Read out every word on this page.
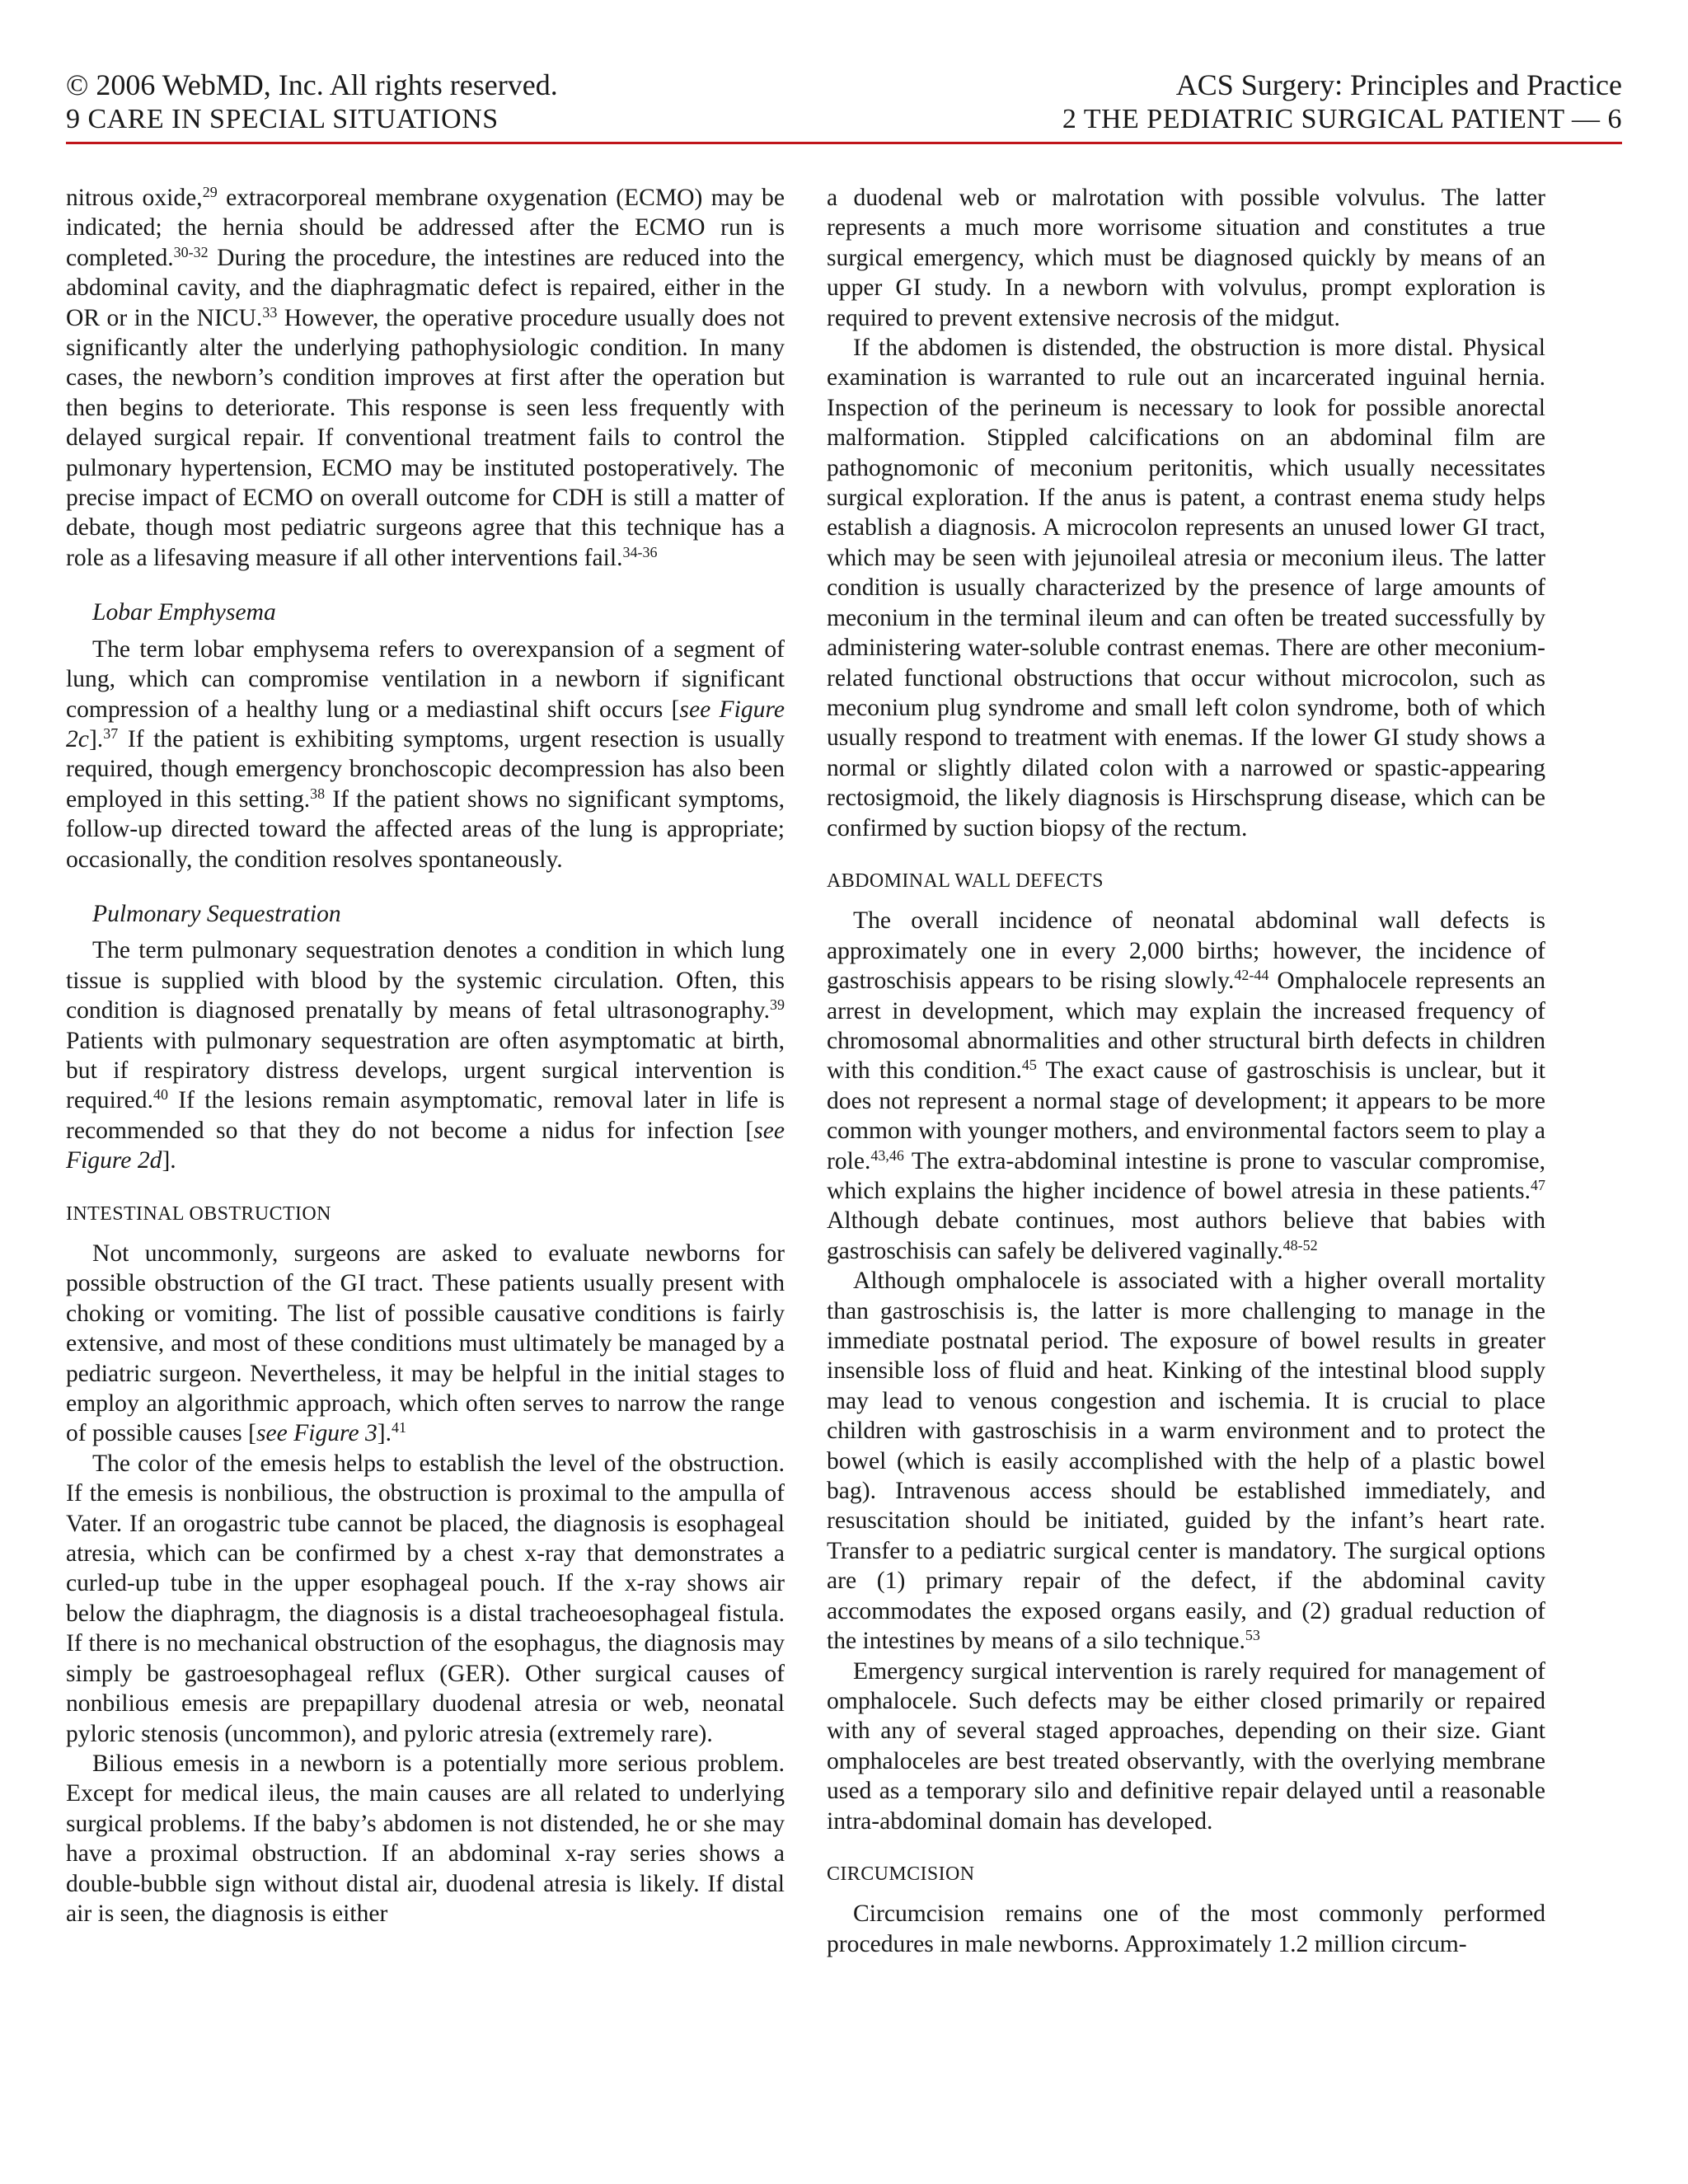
© 2006 WebMD, Inc. All rights reserved.
9 CARE IN SPECIAL SITUATIONS
ACS Surgery: Principles and Practice
2 THE PEDIATRIC SURGICAL PATIENT — 6

nitrous oxide,$^{29}$ extracorporeal membrane oxygenation (ECMO) may be indicated; the hernia should be addressed after the ECMO run is completed.$^{30-32}$ During the procedure, the intestines are reduced into the abdominal cavity, and the diaphragmatic defect is repaired, either in the OR or in the NICU.$^{33}$ However, the operative procedure usually does not significantly alter the underlying pathophysiologic condition. In many cases, the newborn’s condition improves at first after the operation but then begins to deteriorate. This response is seen less frequently with delayed surgical repair. If conventional treatment fails to control the pulmonary hypertension, ECMO may be instituted postoperatively. The precise impact of ECMO on overall outcome for CDH is still a matter of debate, though most pediatric surgeons agree that this technique has a role as a lifesaving measure if all other interventions fail.$^{34-36}$

Lobar Emphysema

The term lobar emphysema refers to overexpansion of a segment of lung, which can compromise ventilation in a newborn if significant compression of a healthy lung or a mediastinal shift occurs [see Figure 2c].$^{37}$ If the patient is exhibiting symptoms, urgent resection is usually required, though emergency bronchoscopic decompression has also been employed in this setting.$^{38}$ If the patient shows no significant symptoms, follow-up directed toward the affected areas of the lung is appropriate; occasionally, the condition resolves spontaneously.

Pulmonary Sequestration

The term pulmonary sequestration denotes a condition in which lung tissue is supplied with blood by the systemic circulation. Often, this condition is diagnosed prenatally by means of fetal ultrasonography.$^{39}$ Patients with pulmonary sequestration are often asymptomatic at birth, but if respiratory distress develops, urgent surgical intervention is required.$^{40}$ If the lesions remain asymptomatic, removal later in life is recommended so that they do not become a nidus for infection [see Figure 2d].

INTESTINAL OBSTRUCTION

Not uncommonly, surgeons are asked to evaluate newborns for possible obstruction of the GI tract. These patients usually present with choking or vomiting. The list of possible causative conditions is fairly extensive, and most of these conditions must ultimately be managed by a pediatric surgeon. Nevertheless, it may be helpful in the initial stages to employ an algorithmic approach, which often serves to narrow the range of possible causes [see Figure 3].$^{41}$

The color of the emesis helps to establish the level of the obstruction. If the emesis is nonbilious, the obstruction is proximal to the ampulla of Vater. If an orogastric tube cannot be placed, the diagnosis is esophageal atresia, which can be confirmed by a chest x-ray that demonstrates a curled-up tube in the upper esophageal pouch. If the x-ray shows air below the diaphragm, the diagnosis is a distal tracheoesophageal fistula. If there is no mechanical obstruction of the esophagus, the diagnosis may simply be gastroesophageal reflux (GER). Other surgical causes of nonbilious emesis are prepapillary duodenal atresia or web, neonatal pyloric stenosis (uncommon), and pyloric atresia (extremely rare).

Bilious emesis in a newborn is a potentially more serious problem. Except for medical ileus, the main causes are all related to underlying surgical problems. If the baby’s abdomen is not distended, he or she may have a proximal obstruction. If an abdominal x-ray series shows a double-bubble sign without distal air, duodenal atresia is likely. If distal air is seen, the diagnosis is either

a duodenal web or malrotation with possible volvulus. The latter represents a much more worrisome situation and constitutes a true surgical emergency, which must be diagnosed quickly by means of an upper GI study. In a newborn with volvulus, prompt exploration is required to prevent extensive necrosis of the midgut.

If the abdomen is distended, the obstruction is more distal. Physical examination is warranted to rule out an incarcerated inguinal hernia. Inspection of the perineum is necessary to look for possible anorectal malformation. Stippled calcifications on an abdominal film are pathognomonic of meconium peritonitis, which usually necessitates surgical exploration. If the anus is patent, a contrast enema study helps establish a diagnosis. A microcolon represents an unused lower GI tract, which may be seen with jejunoileal atresia or meconium ileus. The latter condition is usually characterized by the presence of large amounts of meconium in the terminal ileum and can often be treated successfully by administering water-soluble contrast enemas. There are other meconium-related functional obstructions that occur without microcolon, such as meconium plug syndrome and small left colon syndrome, both of which usually respond to treatment with enemas. If the lower GI study shows a normal or slightly dilated colon with a narrowed or spastic-appearing rectosigmoid, the likely diagnosis is Hirschsprung disease, which can be confirmed by suction biopsy of the rectum.

ABDOMINAL WALL DEFECTS

The overall incidence of neonatal abdominal wall defects is approximately one in every 2,000 births; however, the incidence of gastroschisis appears to be rising slowly.$^{42-44}$ Omphalocele represents an arrest in development, which may explain the increased frequency of chromosomal abnormalities and other structural birth defects in children with this condition.$^{45}$ The exact cause of gastroschisis is unclear, but it does not represent a normal stage of development; it appears to be more common with younger mothers, and environmental factors seem to play a role.$^{43,46}$ The extra-abdominal intestine is prone to vascular compromise, which explains the higher incidence of bowel atresia in these patients.$^{47}$ Although debate continues, most authors believe that babies with gastroschisis can safely be delivered vaginally.$^{48-52}$

Although omphalocele is associated with a higher overall mortality than gastroschisis is, the latter is more challenging to manage in the immediate postnatal period. The exposure of bowel results in greater insensible loss of fluid and heat. Kinking of the intestinal blood supply may lead to venous congestion and ischemia. It is crucial to place children with gastroschisis in a warm environment and to protect the bowel (which is easily accomplished with the help of a plastic bowel bag). Intravenous access should be established immediately, and resuscitation should be initiated, guided by the infant’s heart rate. Transfer to a pediatric surgical center is mandatory. The surgical options are (1) primary repair of the defect, if the abdominal cavity accommodates the exposed organs easily, and (2) gradual reduction of the intestines by means of a silo technique.$^{53}$

Emergency surgical intervention is rarely required for management of omphalocele. Such defects may be either closed primarily or repaired with any of several staged approaches, depending on their size. Giant omphaloceles are best treated observantly, with the overlying membrane used as a temporary silo and definitive repair delayed until a reasonable intra-abdominal domain has developed.

CIRCUMCISION

Circumcision remains one of the most commonly performed procedures in male newborns. Approximately 1.2 million circum-
